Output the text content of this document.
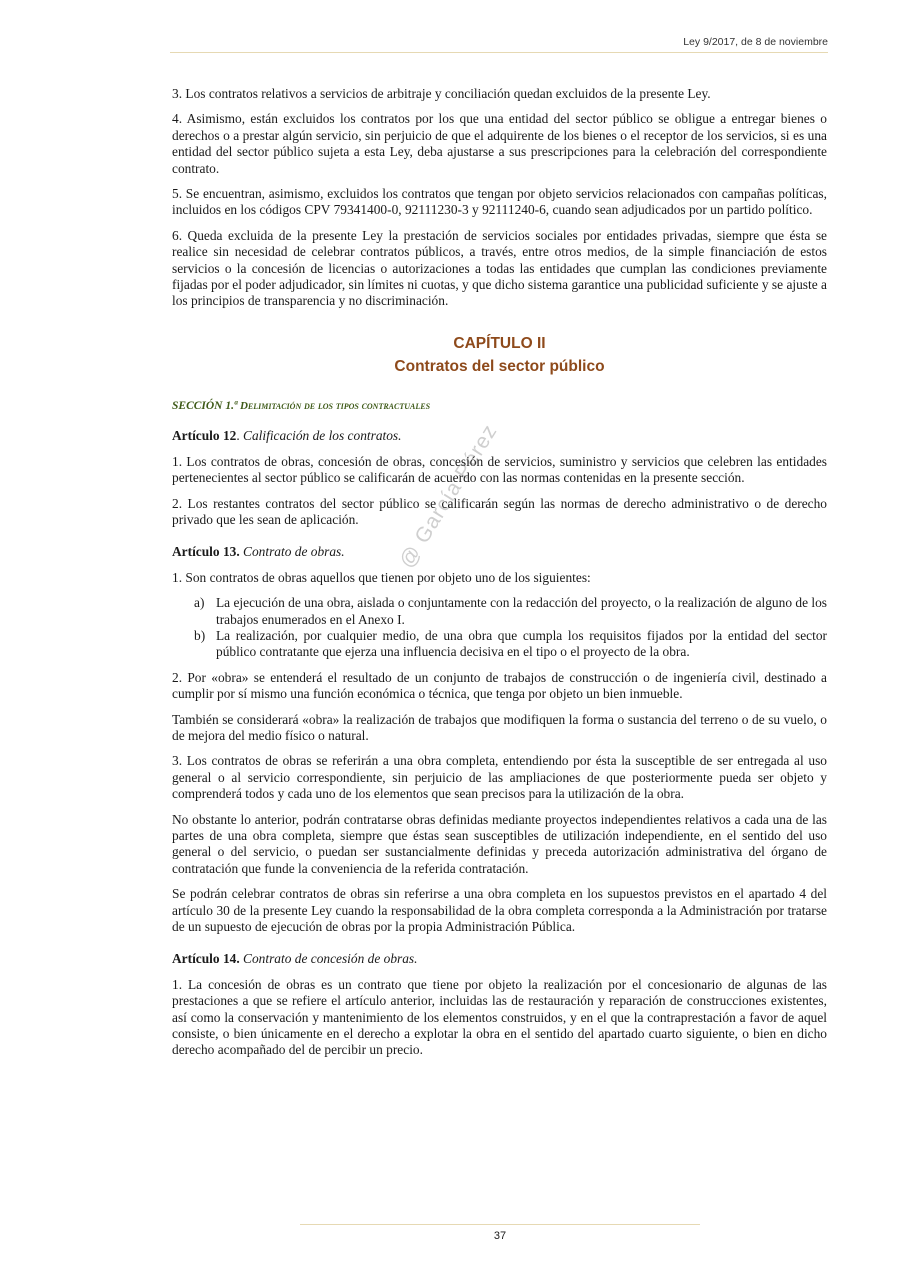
Ley 9/2017, de 8 de noviembre
@ García Pérez

3. Los contratos relativos a servicios de arbitraje y conciliación quedan excluidos de la presente Ley.

4. Asimismo, están excluidos los contratos por los que una entidad del sector público se obligue a entregar bienes o derechos o a prestar algún servicio, sin perjuicio de que el adquirente de los bienes o el receptor de los servicios, si es una entidad del sector público sujeta a esta Ley, deba ajustarse a sus prescripciones para la celebración del correspondiente contrato.

5. Se encuentran, asimismo, excluidos los contratos que tengan por objeto servicios relacionados con campañas políticas, incluidos en los códigos CPV 79341400-0, 92111230-3 y 92111240-6, cuando sean adjudicados por un partido político.

6. Queda excluida de la presente Ley la prestación de servicios sociales por entidades privadas, siempre que ésta se realice sin necesidad de celebrar contratos públicos, a través, entre otros medios, de la simple financiación de estos servicios o la concesión de licencias o autorizaciones a todas las entidades que cumplan las condiciones previamente fijadas por el poder adjudicador, sin límites ni cuotas, y que dicho sistema garantice una publicidad suficiente y se ajuste a los principios de transparencia y no discriminación.

CAPÍTULO II
Contratos del sector público
SECCIÓN 1.ª Delimitación de los tipos contractuales

Artículo 12. Calificación de los contratos.

1. Los contratos de obras, concesión de obras, concesión de servicios, suministro y servicios que celebren las entidades pertenecientes al sector público se calificarán de acuerdo con las normas contenidas en la presente sección.

2. Los restantes contratos del sector público se calificarán según las normas de derecho administrativo o de derecho privado que les sean de aplicación.

Artículo 13. Contrato de obras.

1. Son contratos de obras aquellos que tienen por objeto uno de los siguientes:

a) La ejecución de una obra, aislada o conjuntamente con la redacción del proyecto, o la realización de alguno de los trabajos enumerados en el Anexo I.
b) La realización, por cualquier medio, de una obra que cumpla los requisitos fijados por la entidad del sector público contratante que ejerza una influencia decisiva en el tipo o el proyecto de la obra.

2. Por «obra» se entenderá el resultado de un conjunto de trabajos de construcción o de ingeniería civil, destinado a cumplir por sí mismo una función económica o técnica, que tenga por objeto un bien inmueble.

También se considerará «obra» la realización de trabajos que modifiquen la forma o sustancia del terreno o de su vuelo, o de mejora del medio físico o natural.

3. Los contratos de obras se referirán a una obra completa, entendiendo por ésta la susceptible de ser entregada al uso general o al servicio correspondiente, sin perjuicio de las ampliaciones de que posteriormente pueda ser objeto y comprenderá todos y cada uno de los elementos que sean precisos para la utilización de la obra.

No obstante lo anterior, podrán contratarse obras definidas mediante proyectos independientes relativos a cada una de las partes de una obra completa, siempre que éstas sean susceptibles de utilización independiente, en el sentido del uso general o del servicio, o puedan ser sustancialmente definidas y preceda autorización administrativa del órgano de contratación que funde la conveniencia de la referida contratación.

Se podrán celebrar contratos de obras sin referirse a una obra completa en los supuestos previstos en el apartado 4 del artículo 30 de la presente Ley cuando la responsabilidad de la obra completa corresponda a la Administración por tratarse de un supuesto de ejecución de obras por la propia Administración Pública.

Artículo 14. Contrato de concesión de obras.

1. La concesión de obras es un contrato que tiene por objeto la realización por el concesionario de algunas de las prestaciones a que se refiere el artículo anterior, incluidas las de restauración y reparación de construcciones existentes, así como la conservación y mantenimiento de los elementos construidos, y en el que la contraprestación a favor de aquel consiste, o bien únicamente en el derecho a explotar la obra en el sentido del apartado cuarto siguiente, o bien en dicho derecho acompañado del de percibir un precio.

37
